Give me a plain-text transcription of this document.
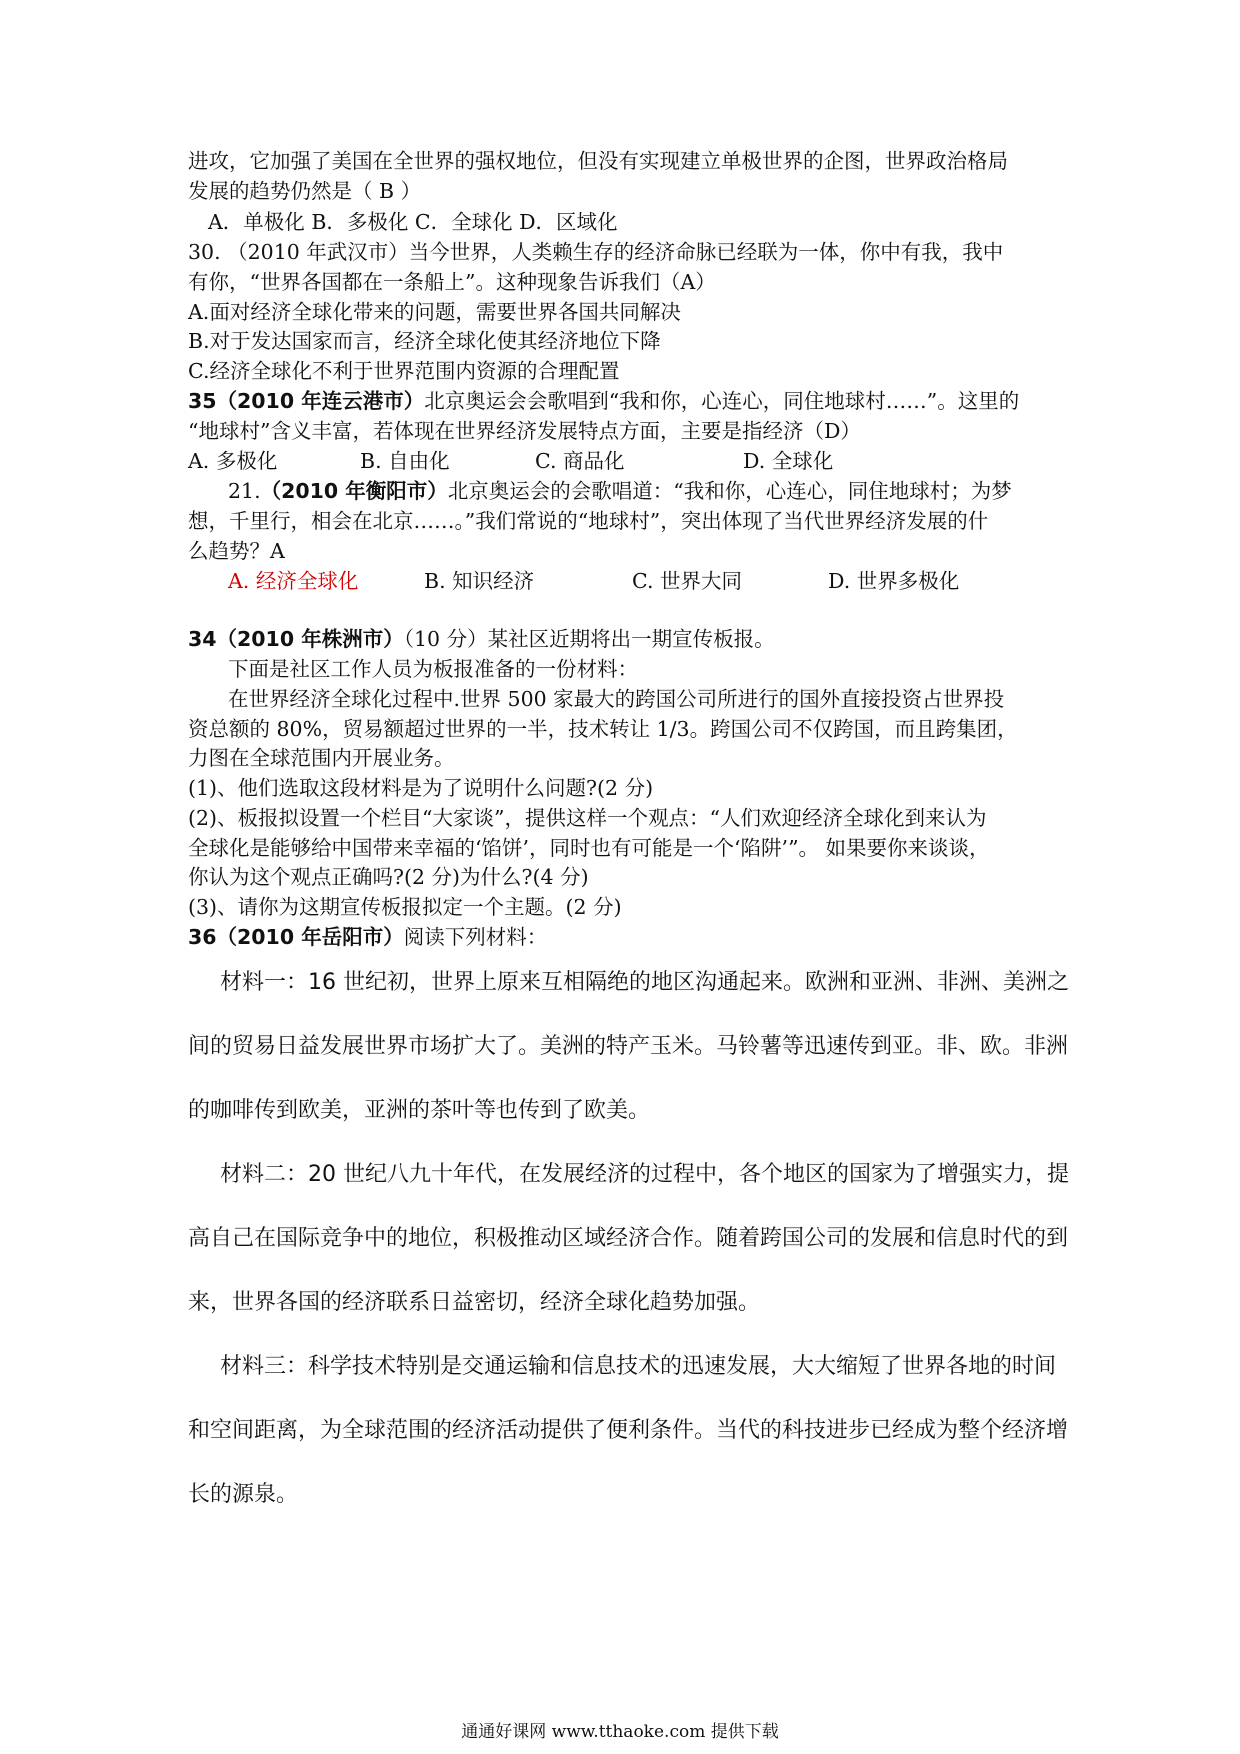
进攻，它加强了美国在全世界的强权地位，但没有实现建立单极世界的企图，世界政治格局
发展的趋势仍然是（ B ）
A．单极化 B．多极化 C．全球化 D．区域化
30. （2010 年武汉市）当今世界，人类赖生存的经济命脉已经联为一体，你中有我，我中
有你，“世界各国都在一条船上”。这种现象告诉我们（A）
A.面对经济全球化带来的问题，需要世界各国共同解决
B.对于发达国家而言，经济全球化使其经济地位下降
C.经济全球化不利于世界范围内资源的合理配置
35（2010 年连云港市）北京奥运会会歌唱到“我和你，心连心，同住地球村……”。这里的
“地球村”含义丰富，若体现在世界经济发展特点方面，主要是指经济（D）
A. 多极化	B. 自由化	C. 商品化	D. 全球化
21.（2010 年衡阳市）北京奥运会的会歌唱道：“我和你，心连心，同住地球村；为梦
想，千里行，相会在北京……。”我们常说的“地球村”，突出体现了当代世界经济发展的什
么趋势？A
A. 经济全球化	B. 知识经济	C. 世界大同	D. 世界多极化
34（2010 年株洲市）（10 分）某社区近期将出一期宣传板报。
下面是社区工作人员为板报准备的一份材料：
在世界经济全球化过程中.世界 500 家最大的跨国公司所进行的国外直接投资占世界投
资总额的 80%，贸易额超过世界的一半，技术转让 1/3。跨国公司不仅跨国，而且跨集团，
力图在全球范围内开展业务。
(1)、他们选取这段材料是为了说明什么问题?(2 分)
(2)、板报拟设置一个栏目“大家谈”，提供这样一个观点：“人们欢迎经济全球化到来认为
全球化是能够给中国带来幸福的‘馅饼’，同时也有可能是一个‘陷阱’”。 如果要你来谈谈，
你认为这个观点正确吗?(2 分)为什么?(4 分)
(3)、请你为这期宣传板报拟定一个主题。(2 分)
36（2010 年岳阳市）阅读下列材料：
材料一：16 世纪初，世界上原来互相隔绝的地区沟通起来。欧洲和亚洲、非洲、美洲之
间的贸易日益发展世界市场扩大了。美洲的特产玉米。马铃薯等迅速传到亚。非、欧。非洲
的咖啡传到欧美，亚洲的茶叶等也传到了欧美。
材料二：20 世纪八九十年代，在发展经济的过程中，各个地区的国家为了增强实力，提
高自己在国际竞争中的地位，积极推动区域经济合作。随着跨国公司的发展和信息时代的到
来，世界各国的经济联系日益密切，经济全球化趋势加强。
材料三：科学技术特别是交通运输和信息技术的迅速发展，大大缩短了世界各地的时间
和空间距离，为全球范围的经济活动提供了便利条件。当代的科技进步已经成为整个经济增
长的源泉。
通通好课网 www.tthaoke.com 提供下载
